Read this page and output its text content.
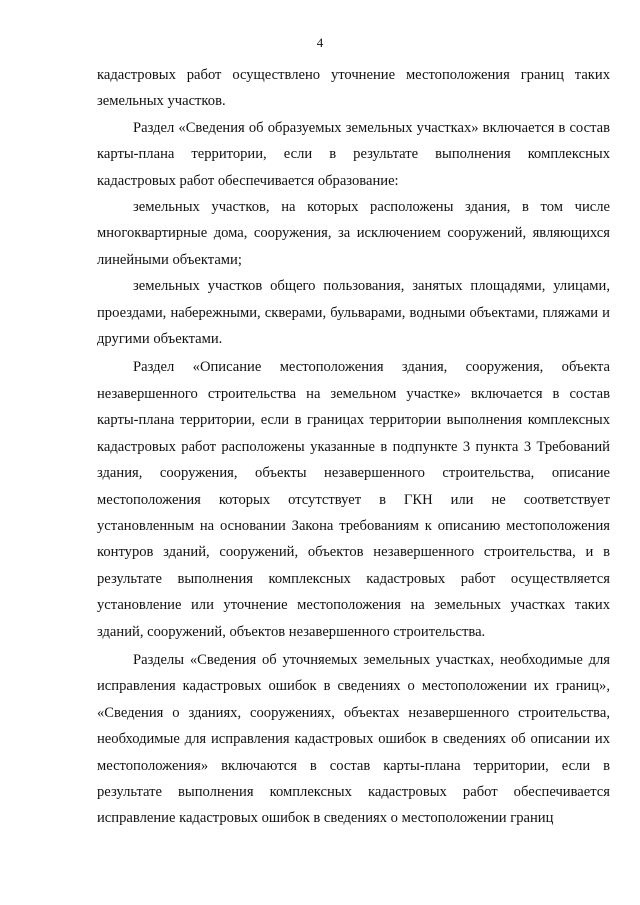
4

кадастровых работ осуществлено уточнение местоположения границ таких земельных участков.

Раздел «Сведения об образуемых земельных участках» включается в состав карты-плана территории, если в результате выполнения комплексных кадастровых работ обеспечивается образование:

земельных участков, на которых расположены здания, в том числе многоквартирные дома, сооружения, за исключением сооружений, являющихся линейными объектами;

земельных участков общего пользования, занятых площадями, улицами, проездами, набережными, скверами, бульварами, водными объектами, пляжами и другими объектами.

Раздел «Описание местоположения здания, сооружения, объекта незавершенного строительства на земельном участке» включается в состав карты-плана территории, если в границах территории выполнения комплексных кадастровых работ расположены указанные в подпункте 3 пункта 3 Требований здания, сооружения, объекты незавершенного строительства, описание местоположения которых отсутствует в ГКН или не соответствует установленным на основании Закона требованиям к описанию местоположения контуров зданий, сооружений, объектов незавершенного строительства, и в результате выполнения комплексных кадастровых работ осуществляется установление или уточнение местоположения на земельных участках таких зданий, сооружений, объектов незавершенного строительства.

Разделы «Сведения об уточняемых земельных участках, необходимые для исправления кадастровых ошибок в сведениях о местоположении их границ», «Сведения о зданиях, сооружениях, объектах незавершенного строительства, необходимые для исправления кадастровых ошибок в сведениях об описании их местоположения» включаются в состав карты-плана территории, если в результате выполнения комплексных кадастровых работ обеспечивается исправление кадастровых ошибок в сведениях о местоположении границ
